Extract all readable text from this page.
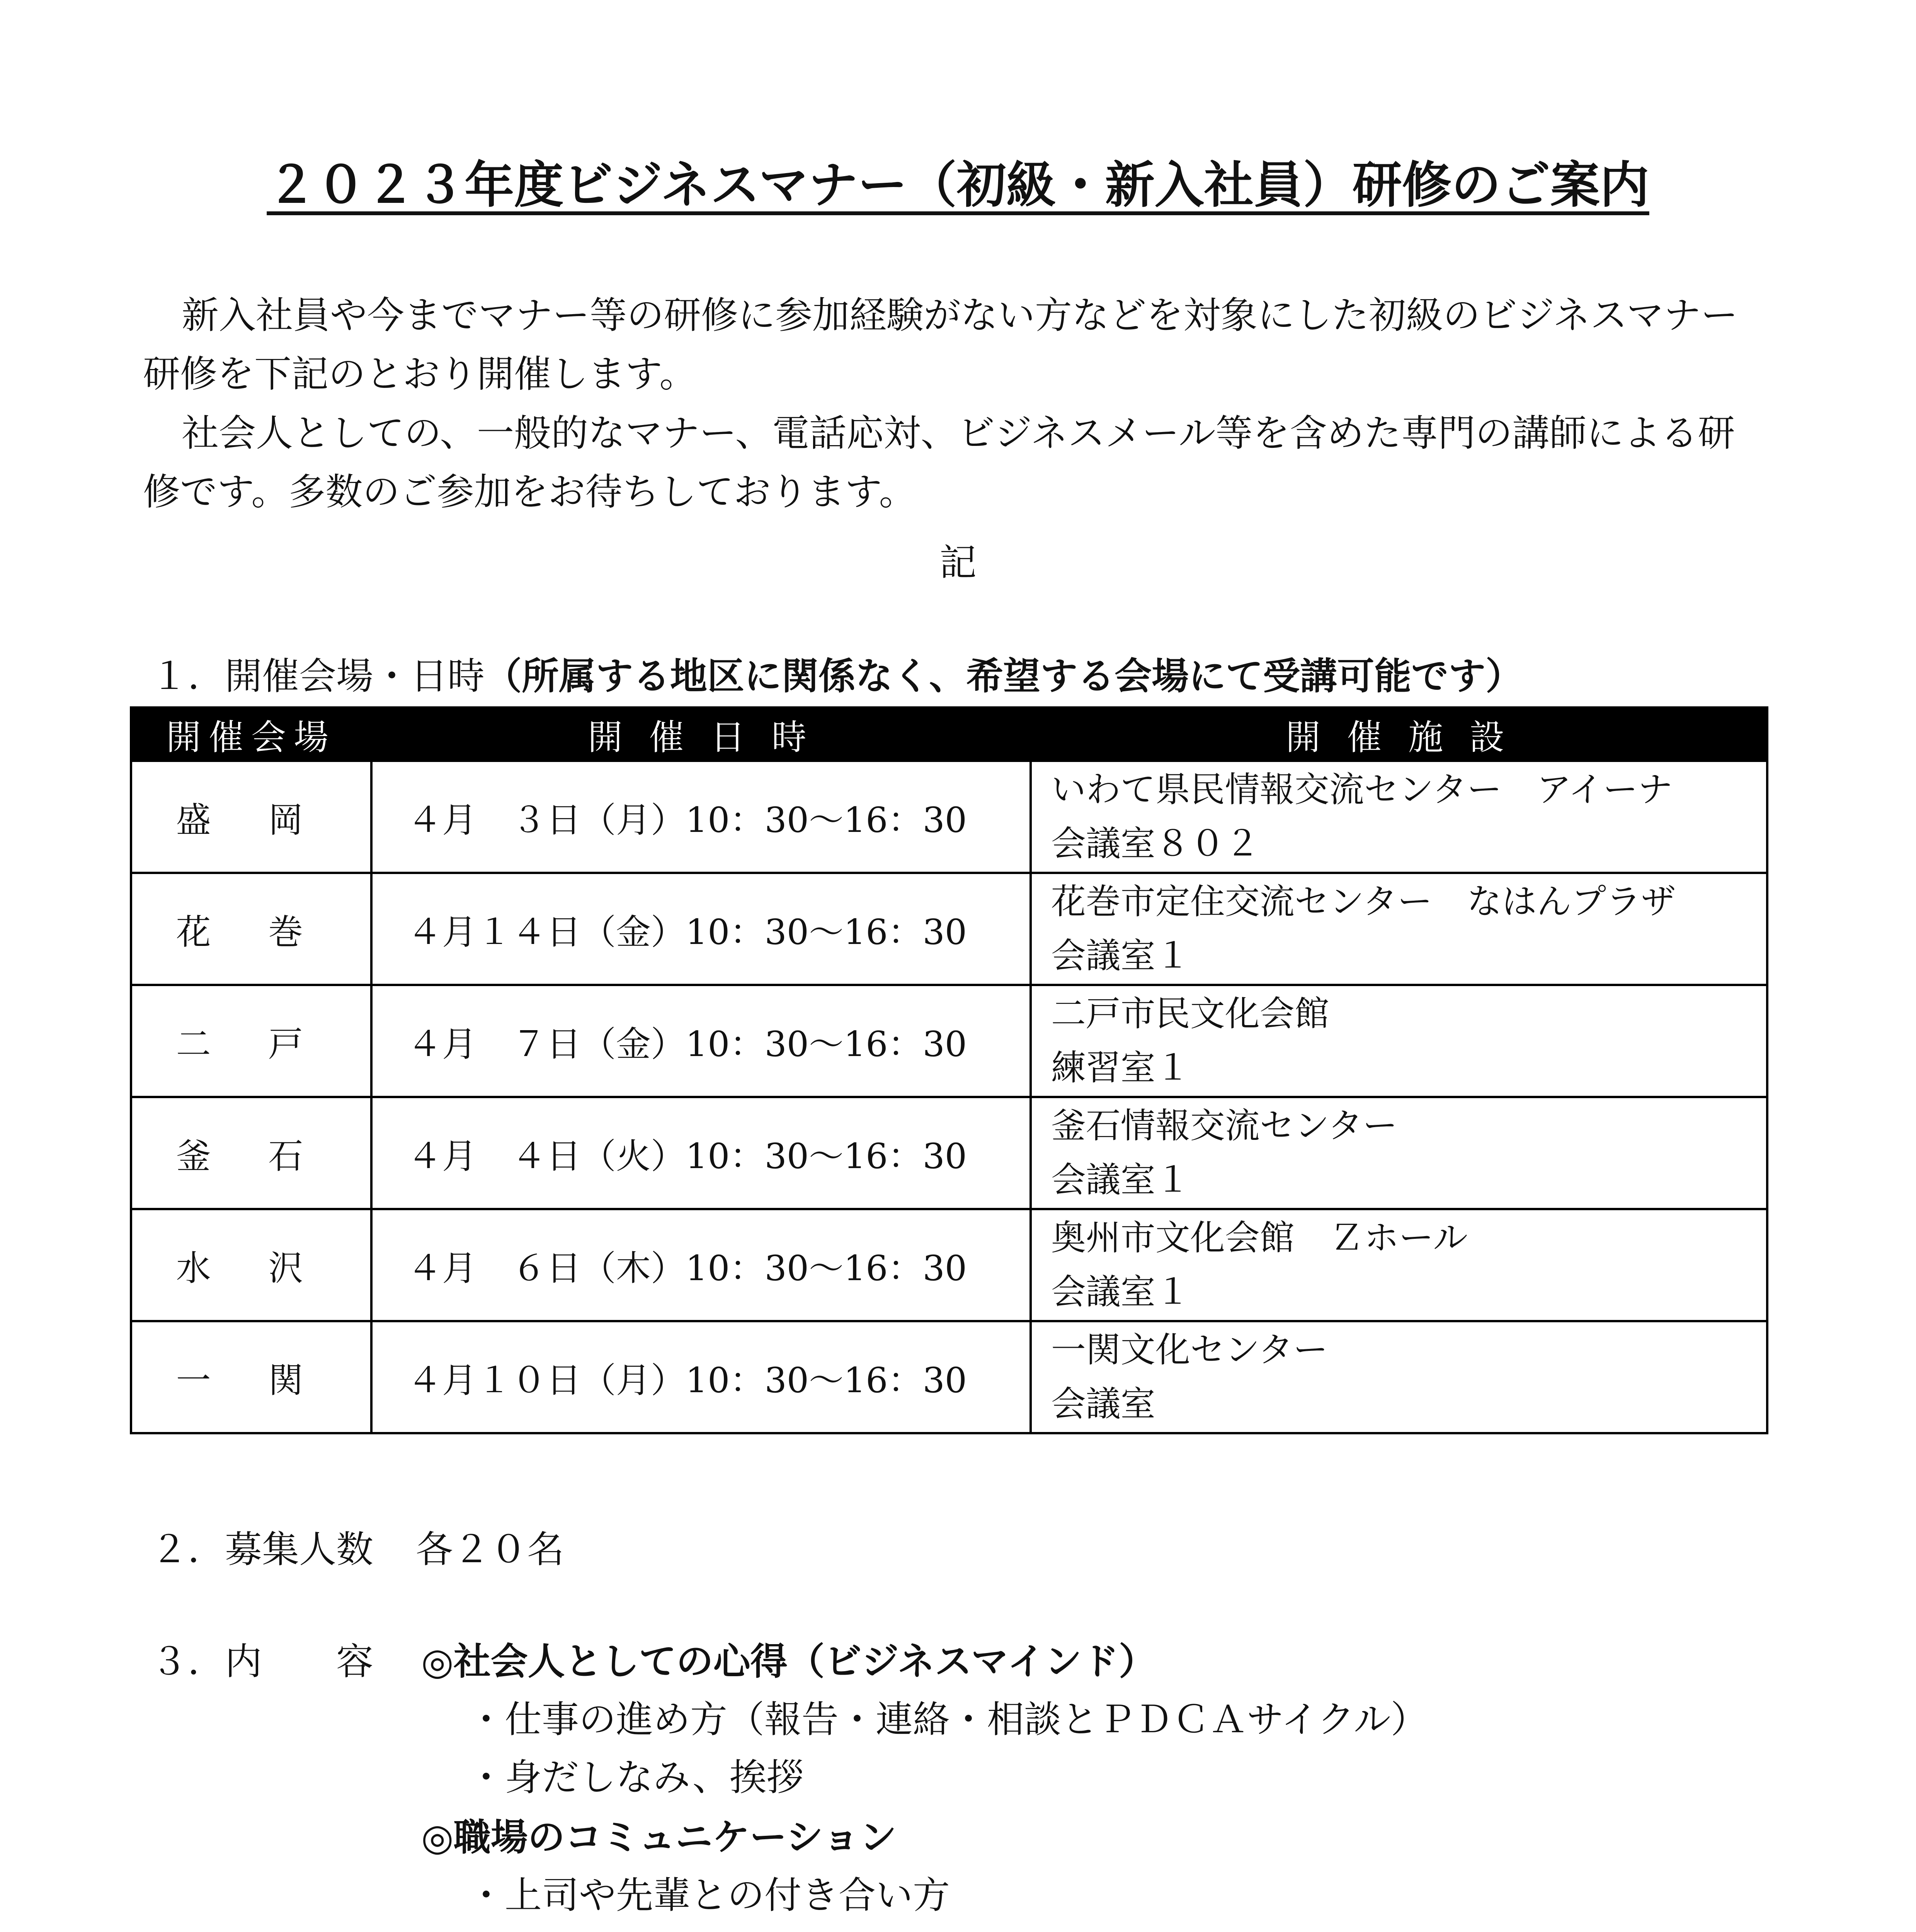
２０２３年度ビジネスマナー（初級・新入社員）研修のご案内

新入社員や今までマナー等の研修に参加経験がない方などを対象にした初級のビジネスマナー研修を下記のとおり開催します。

社会人としての、一般的なマナー、電話応対、ビジネスメール等を含めた専門の講師による研修です。多数のご参加をお待ちしております。

記
１．開催会場・日時（所属する地区に関係なく、希望する会場にて受講可能です）
開催会場	開 催 日 時	開 催 施 設
盛 岡	４月　３日（月）10：30～16：30	いわて県民情報交流センター　アイーナ
会議室８０２

花 巻	４月１４日（金）10：30～16：30	花巻市定住交流センター　なはんプラザ
会議室１

二 戸	４月　７日（金）10：30～16：30	二戸市民文化会館
練習室１

釜 石	４月　４日（火）10：30～16：30	釜石情報交流センター
会議室１

水 沢	４月　６日（木）10：30～16：30	奥州市文化会館　Ｚホール
会議室１

一 関	４月１０日（月）10：30～16：30	一関文化センター
会議室
２．募集人数 各２０名
３．内　　容 ◎社会人としての心得（ビジネスマインド）
・仕事の進め方（報告・連絡・相談とＰＤＣＡサイクル）
・身だしなみ、挨拶
◎職場のコミュニケーション
・上司や先輩との付き合い方
